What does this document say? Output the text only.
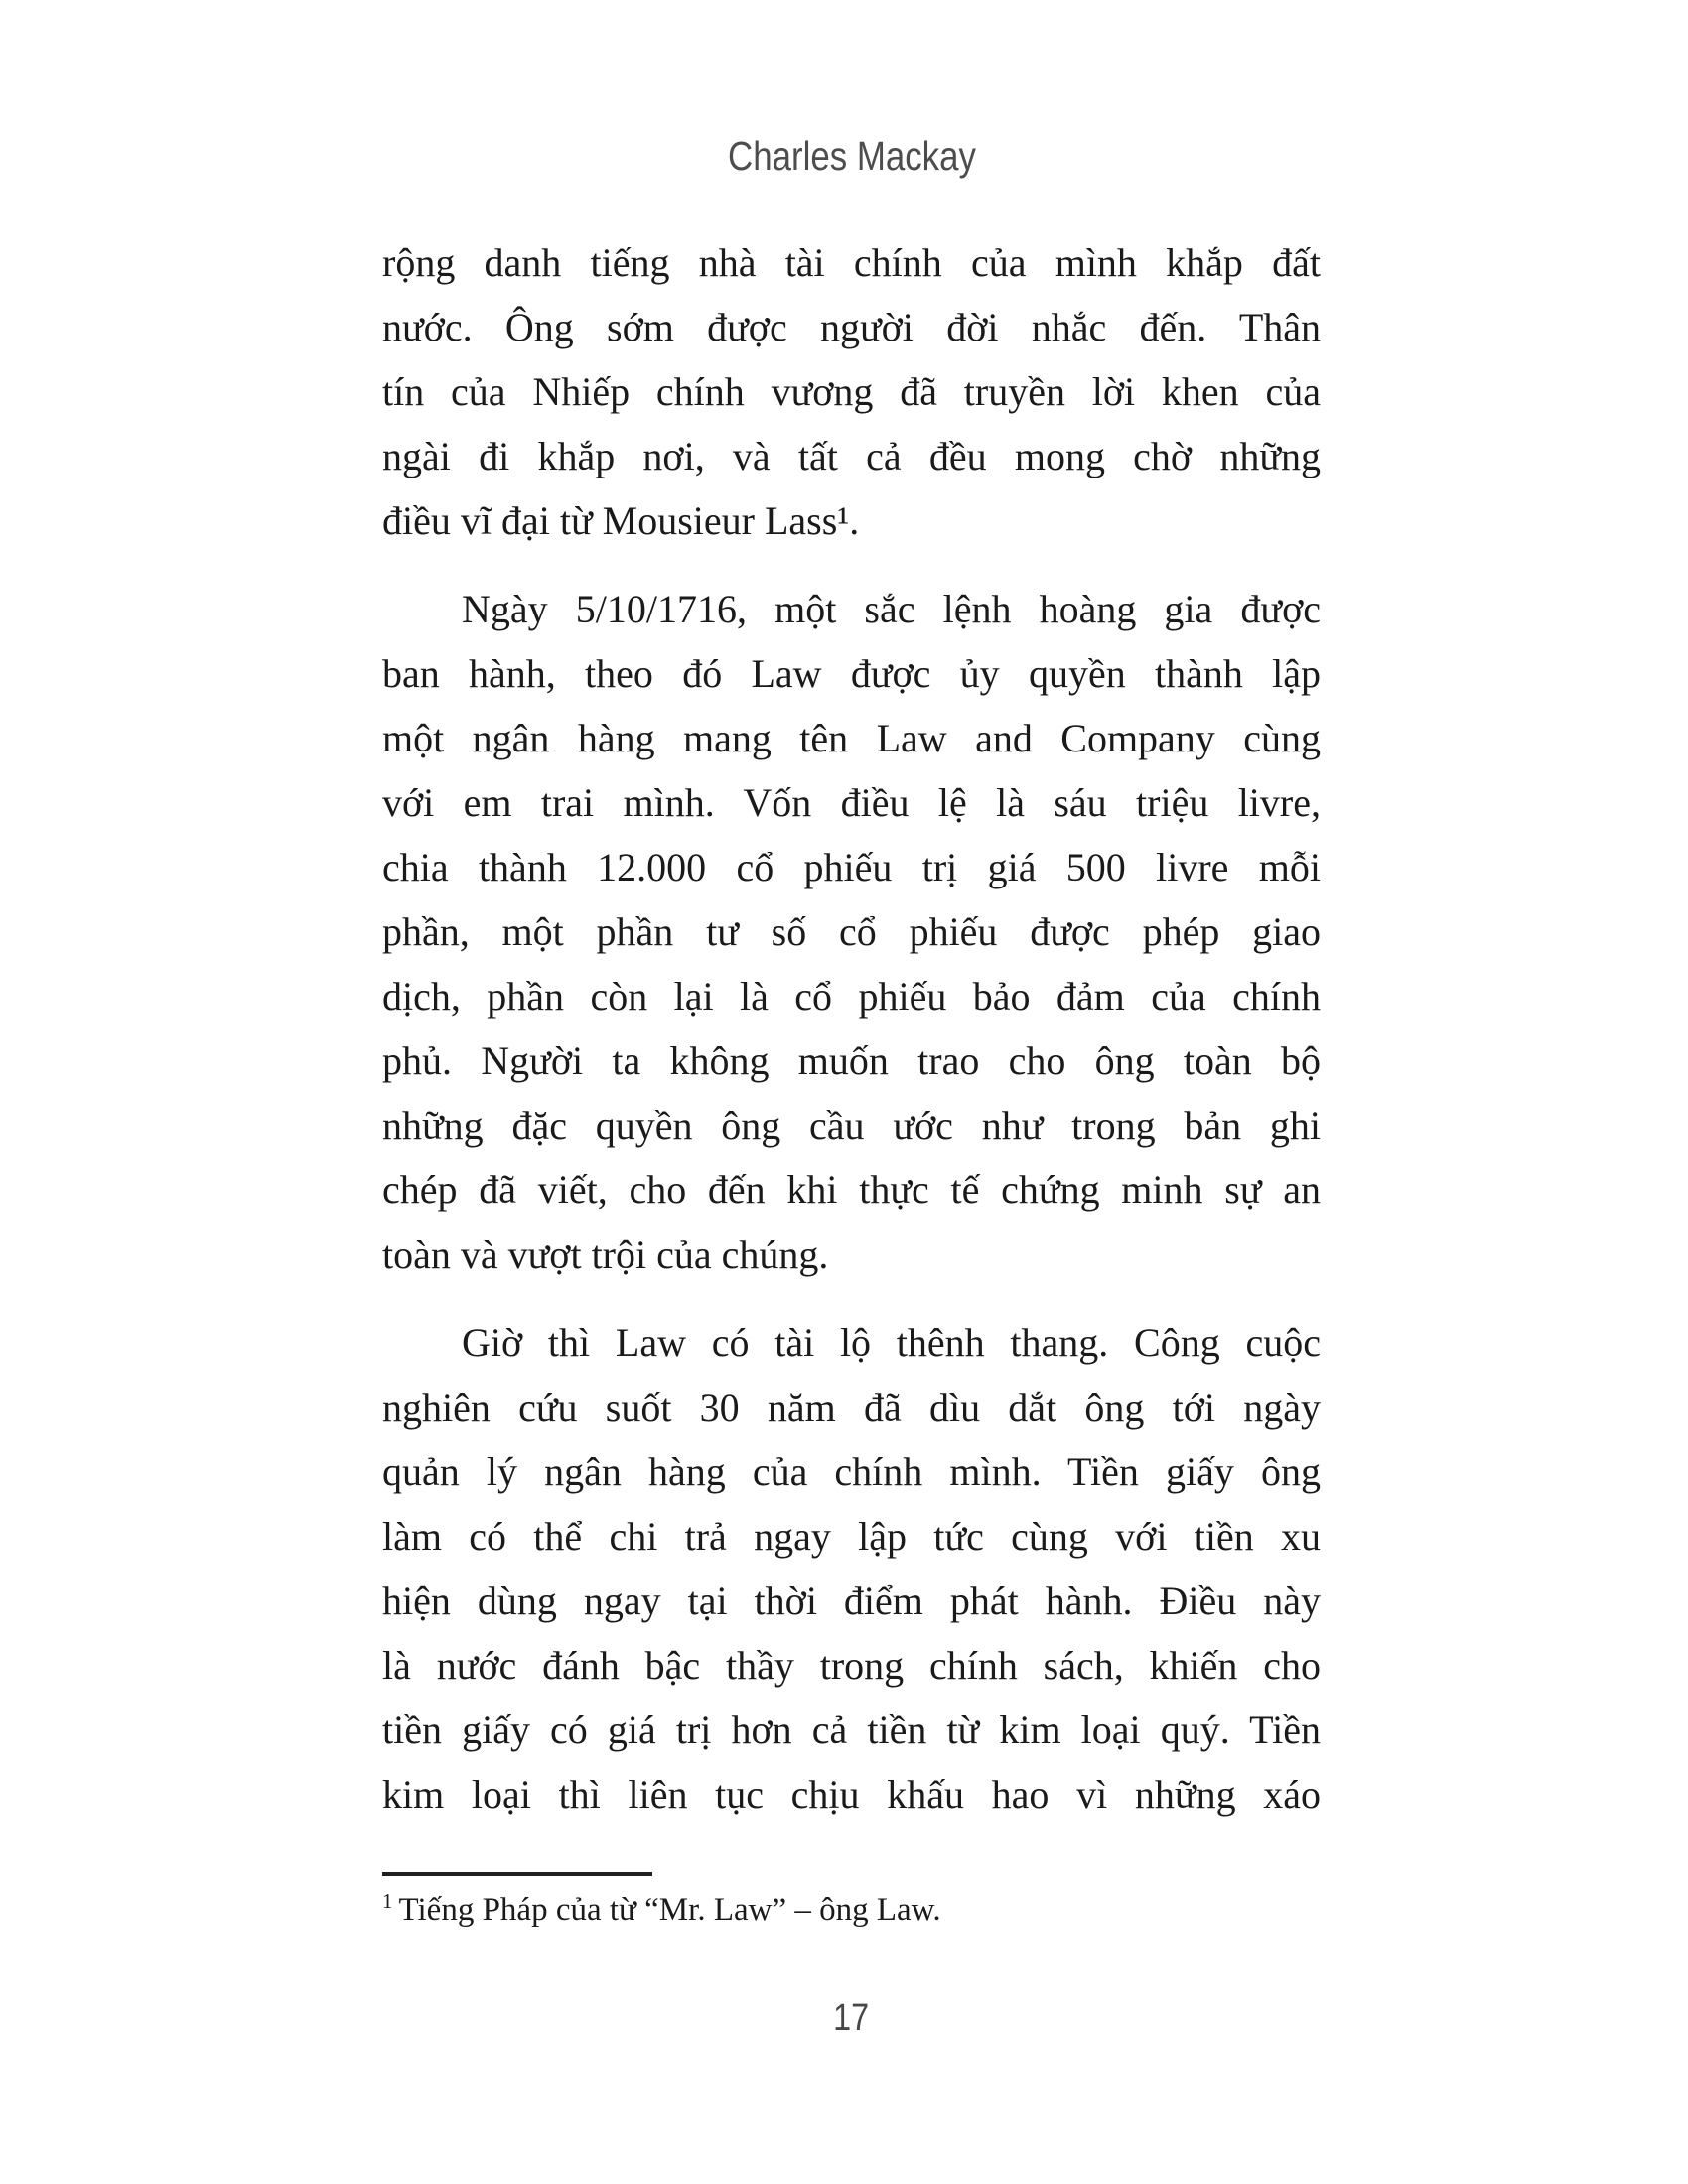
Charles Mackay
rộng danh tiếng nhà tài chính của mình khắp đất
nước. Ông sớm được người đời nhắc đến. Thân
tín của Nhiếp chính vương đã truyền lời khen của
ngài đi khắp nơi, và tất cả đều mong chờ những
điều vĩ đại từ Mousieur Lass¹.
Ngày 5/10/1716, một sắc lệnh hoàng gia được
ban hành, theo đó Law được ủy quyền thành lập
một ngân hàng mang tên Law and Company cùng
với em trai mình. Vốn điều lệ là sáu triệu livre,
chia thành 12.000 cổ phiếu trị giá 500 livre mỗi
phần, một phần tư số cổ phiếu được phép giao
dịch, phần còn lại là cổ phiếu bảo đảm của chính
phủ. Người ta không muốn trao cho ông toàn bộ
những đặc quyền ông cầu ước như trong bản ghi
chép đã viết, cho đến khi thực tế chứng minh sự an
toàn và vượt trội của chúng.
Giờ thì Law có tài lộ thênh thang. Công cuộc
nghiên cứu suốt 30 năm đã dìu dắt ông tới ngày
quản lý ngân hàng của chính mình. Tiền giấy ông
làm có thể chi trả ngay lập tức cùng với tiền xu
hiện dùng ngay tại thời điểm phát hành. Điều này
là nước đánh bậc thầy trong chính sách, khiến cho
tiền giấy có giá trị hơn cả tiền từ kim loại quý. Tiền
kim loại thì liên tục chịu khấu hao vì những xáo
$^1$ Tiếng Pháp của từ “Mr. Law” – ông Law.
17
